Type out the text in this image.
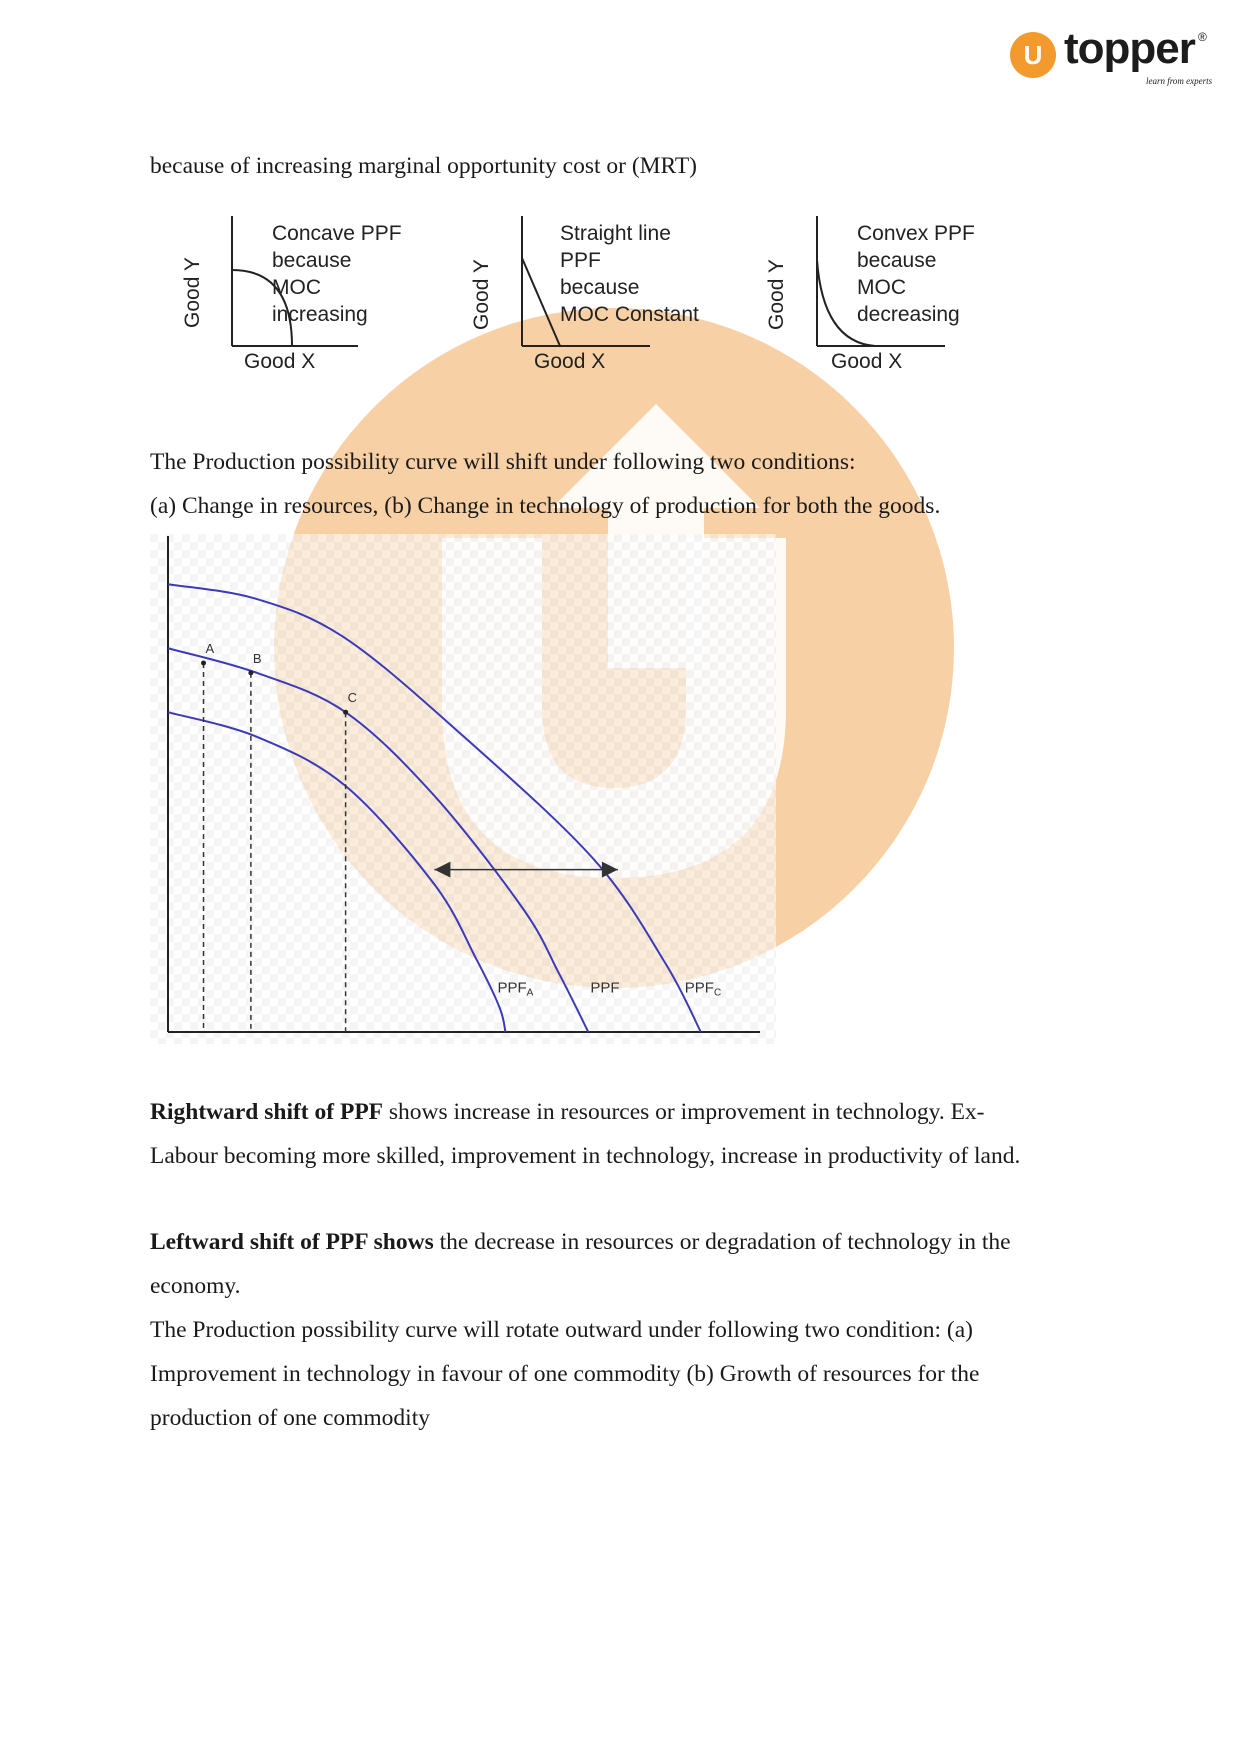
U topper ®
learn from experts
because of increasing marginal opportunity cost or (MRT)
Good Y
Concave PPF
because
MOC
increasing
Good X
Good Y
Straight line
PPF
because
MOC Constant
Good X
Good Y
Convex PPF
because
MOC
decreasing
Good X
The Production possibility curve will shift under following two conditions:
(a) Change in resources, (b) Change in technology of production for both the goods.
$PPF_A$	PPF	$PPF_C$
A
B
C
Rightward shift of PPF shows increase in resources or improvement in technology. Ex-
Labour becoming more skilled, improvement in technology, increase in productivity of land.
Leftward shift of PPF shows the decrease in resources or degradation of technology in the
economy.
The Production possibility curve will rotate outward under following two condition: (a)
Improvement in technology in favour of one commodity (b) Growth of resources for the
production of one commodity
